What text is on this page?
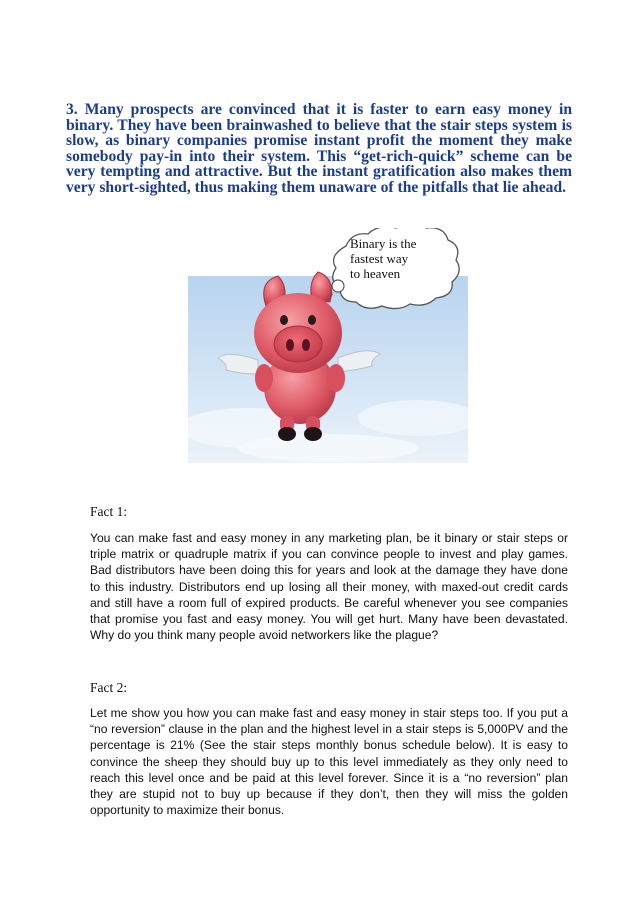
3. Many prospects are convinced that it is faster to earn easy money in binary. They have been brainwashed to believe that the stair steps system is slow, as binary companies promise instant profit the moment they make somebody pay-in into their system. This “get-rich-quick” scheme can be very tempting and attractive. But the instant gratification also makes them very short-sighted, thus making them unaware of the pitfalls that lie ahead.
Binary is the
fastest way
to heaven
Fact 1:
You can make fast and easy money in any marketing plan, be it binary or stair steps or triple matrix or quadruple matrix if you can convince people to invest and play games. Bad distributors have been doing this for years and look at the damage they have done to this industry. Distributors end up losing all their money, with maxed-out credit cards and still have a room full of expired products. Be careful whenever you see companies that promise you fast and easy money. You will get hurt. Many have been devastated. Why do you think many people avoid networkers like the plague?
Fact 2:
Let me show you how you can make fast and easy money in stair steps too. If you put a “no reversion” clause in the plan and the highest level in a stair steps is 5,000PV and the percentage is 21% (See the stair steps monthly bonus schedule below). It is easy to convince the sheep they should buy up to this level immediately as they only need to reach this level once and be paid at this level forever. Since it is a “no reversion” plan they are stupid not to buy up because if they don’t, then they will miss the golden opportunity to maximize their bonus.
